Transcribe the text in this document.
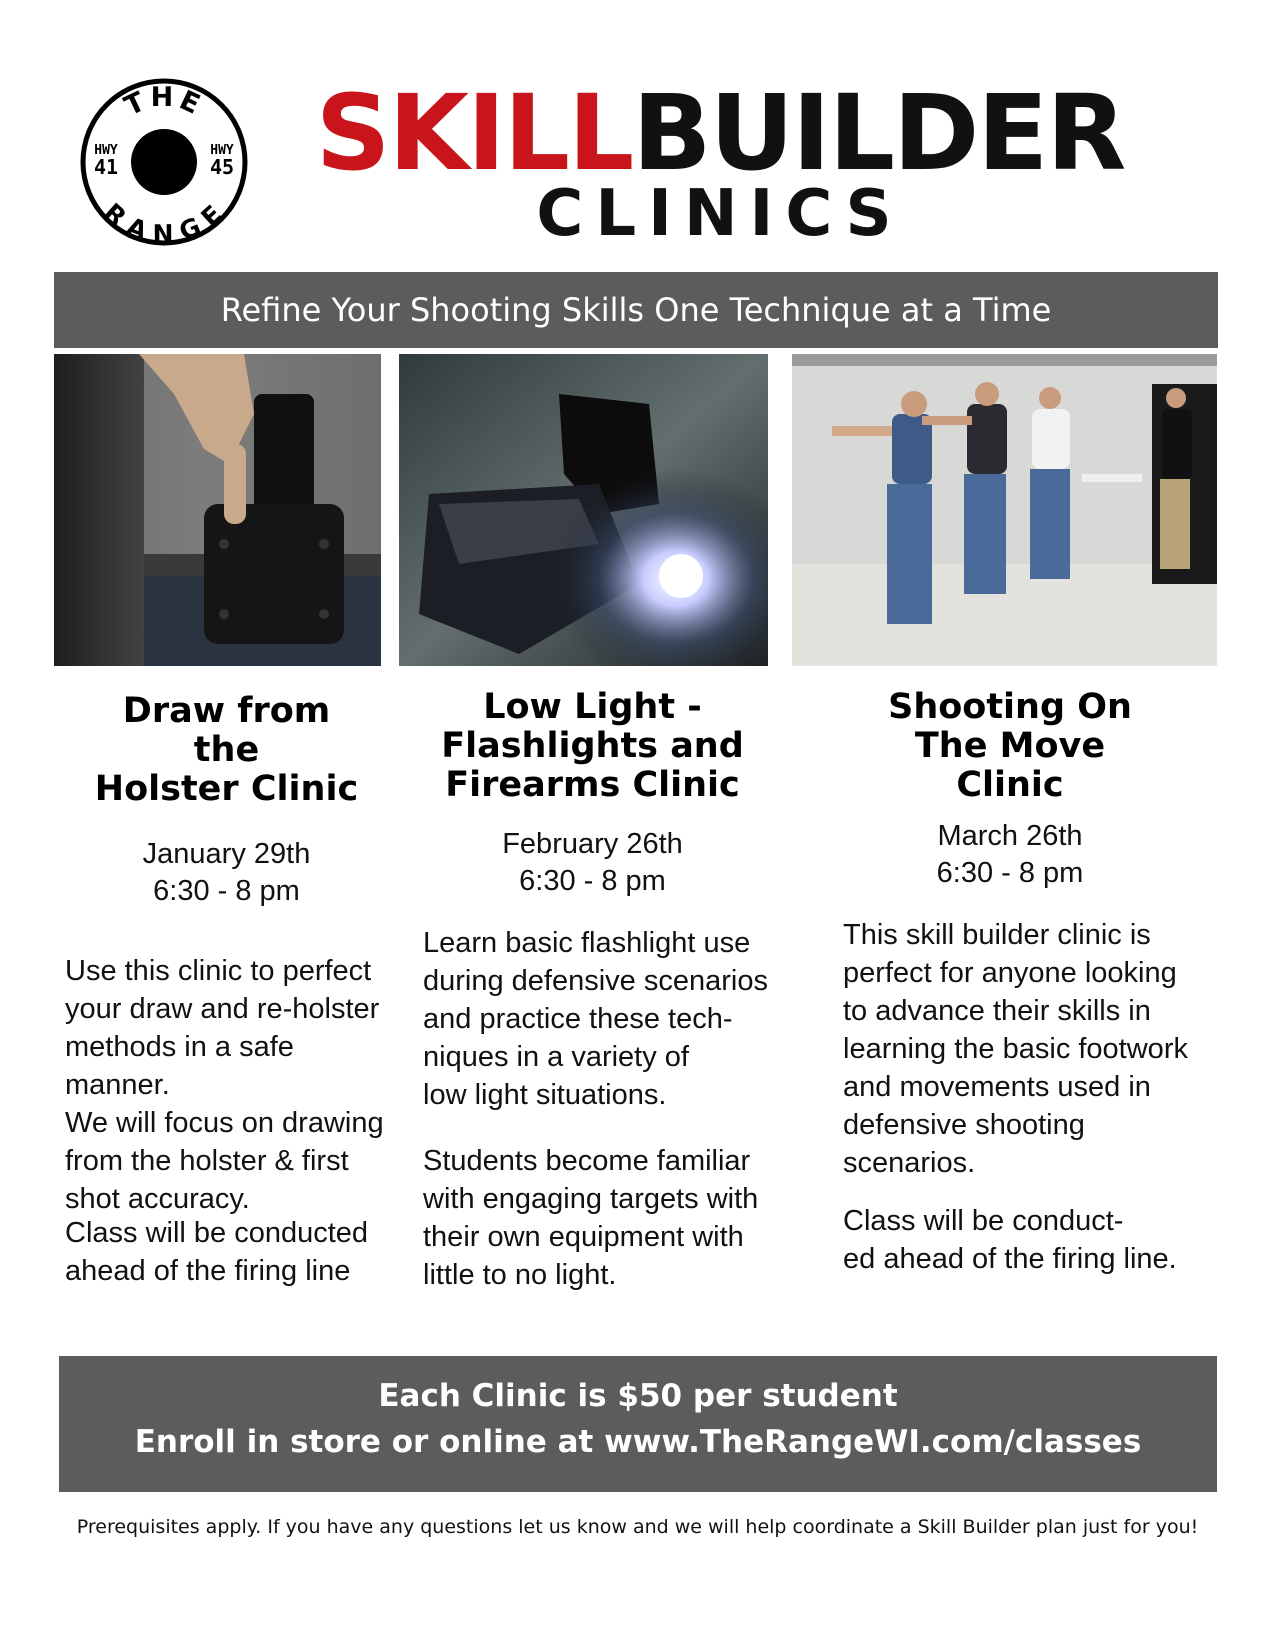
THE
RANGE
HWY
41
HWY
45 SKILLBUILDER
CLINICS
Refine Your Shooting Skills One Technique at a Time
Draw from
the
Holster Clinic
January 29th
6:30 - 8 pm

Use this clinic to perfect
your draw and re-holster
methods in a safe manner.
We will focus on drawing
from the holster & first
shot accuracy.

Class will be conducted
ahead of the firing line

Low Light -
Flashlights and
Firearms Clinic
February 26th
6:30 - 8 pm

Learn basic flashlight use
during defensive scenarios
and practice these tech-
niques in a variety of
low light situations.

Students become familiar
with engaging targets with
their own equipment with
little to no light.

Shooting On
The Move
Clinic
March 26th
6:30 - 8 pm

This skill builder clinic is
perfect for anyone looking
to advance their skills in
learning the basic footwork
and movements used in
defensive shooting
scenarios.

Class will be conduct-
ed ahead of the firing line.

Each Clinic is $50 per student
Enroll in store or online at www.TheRangeWI.com/classes
Prerequisites apply. If you have any questions let us know and we will help coordinate a Skill Builder plan just for you!
